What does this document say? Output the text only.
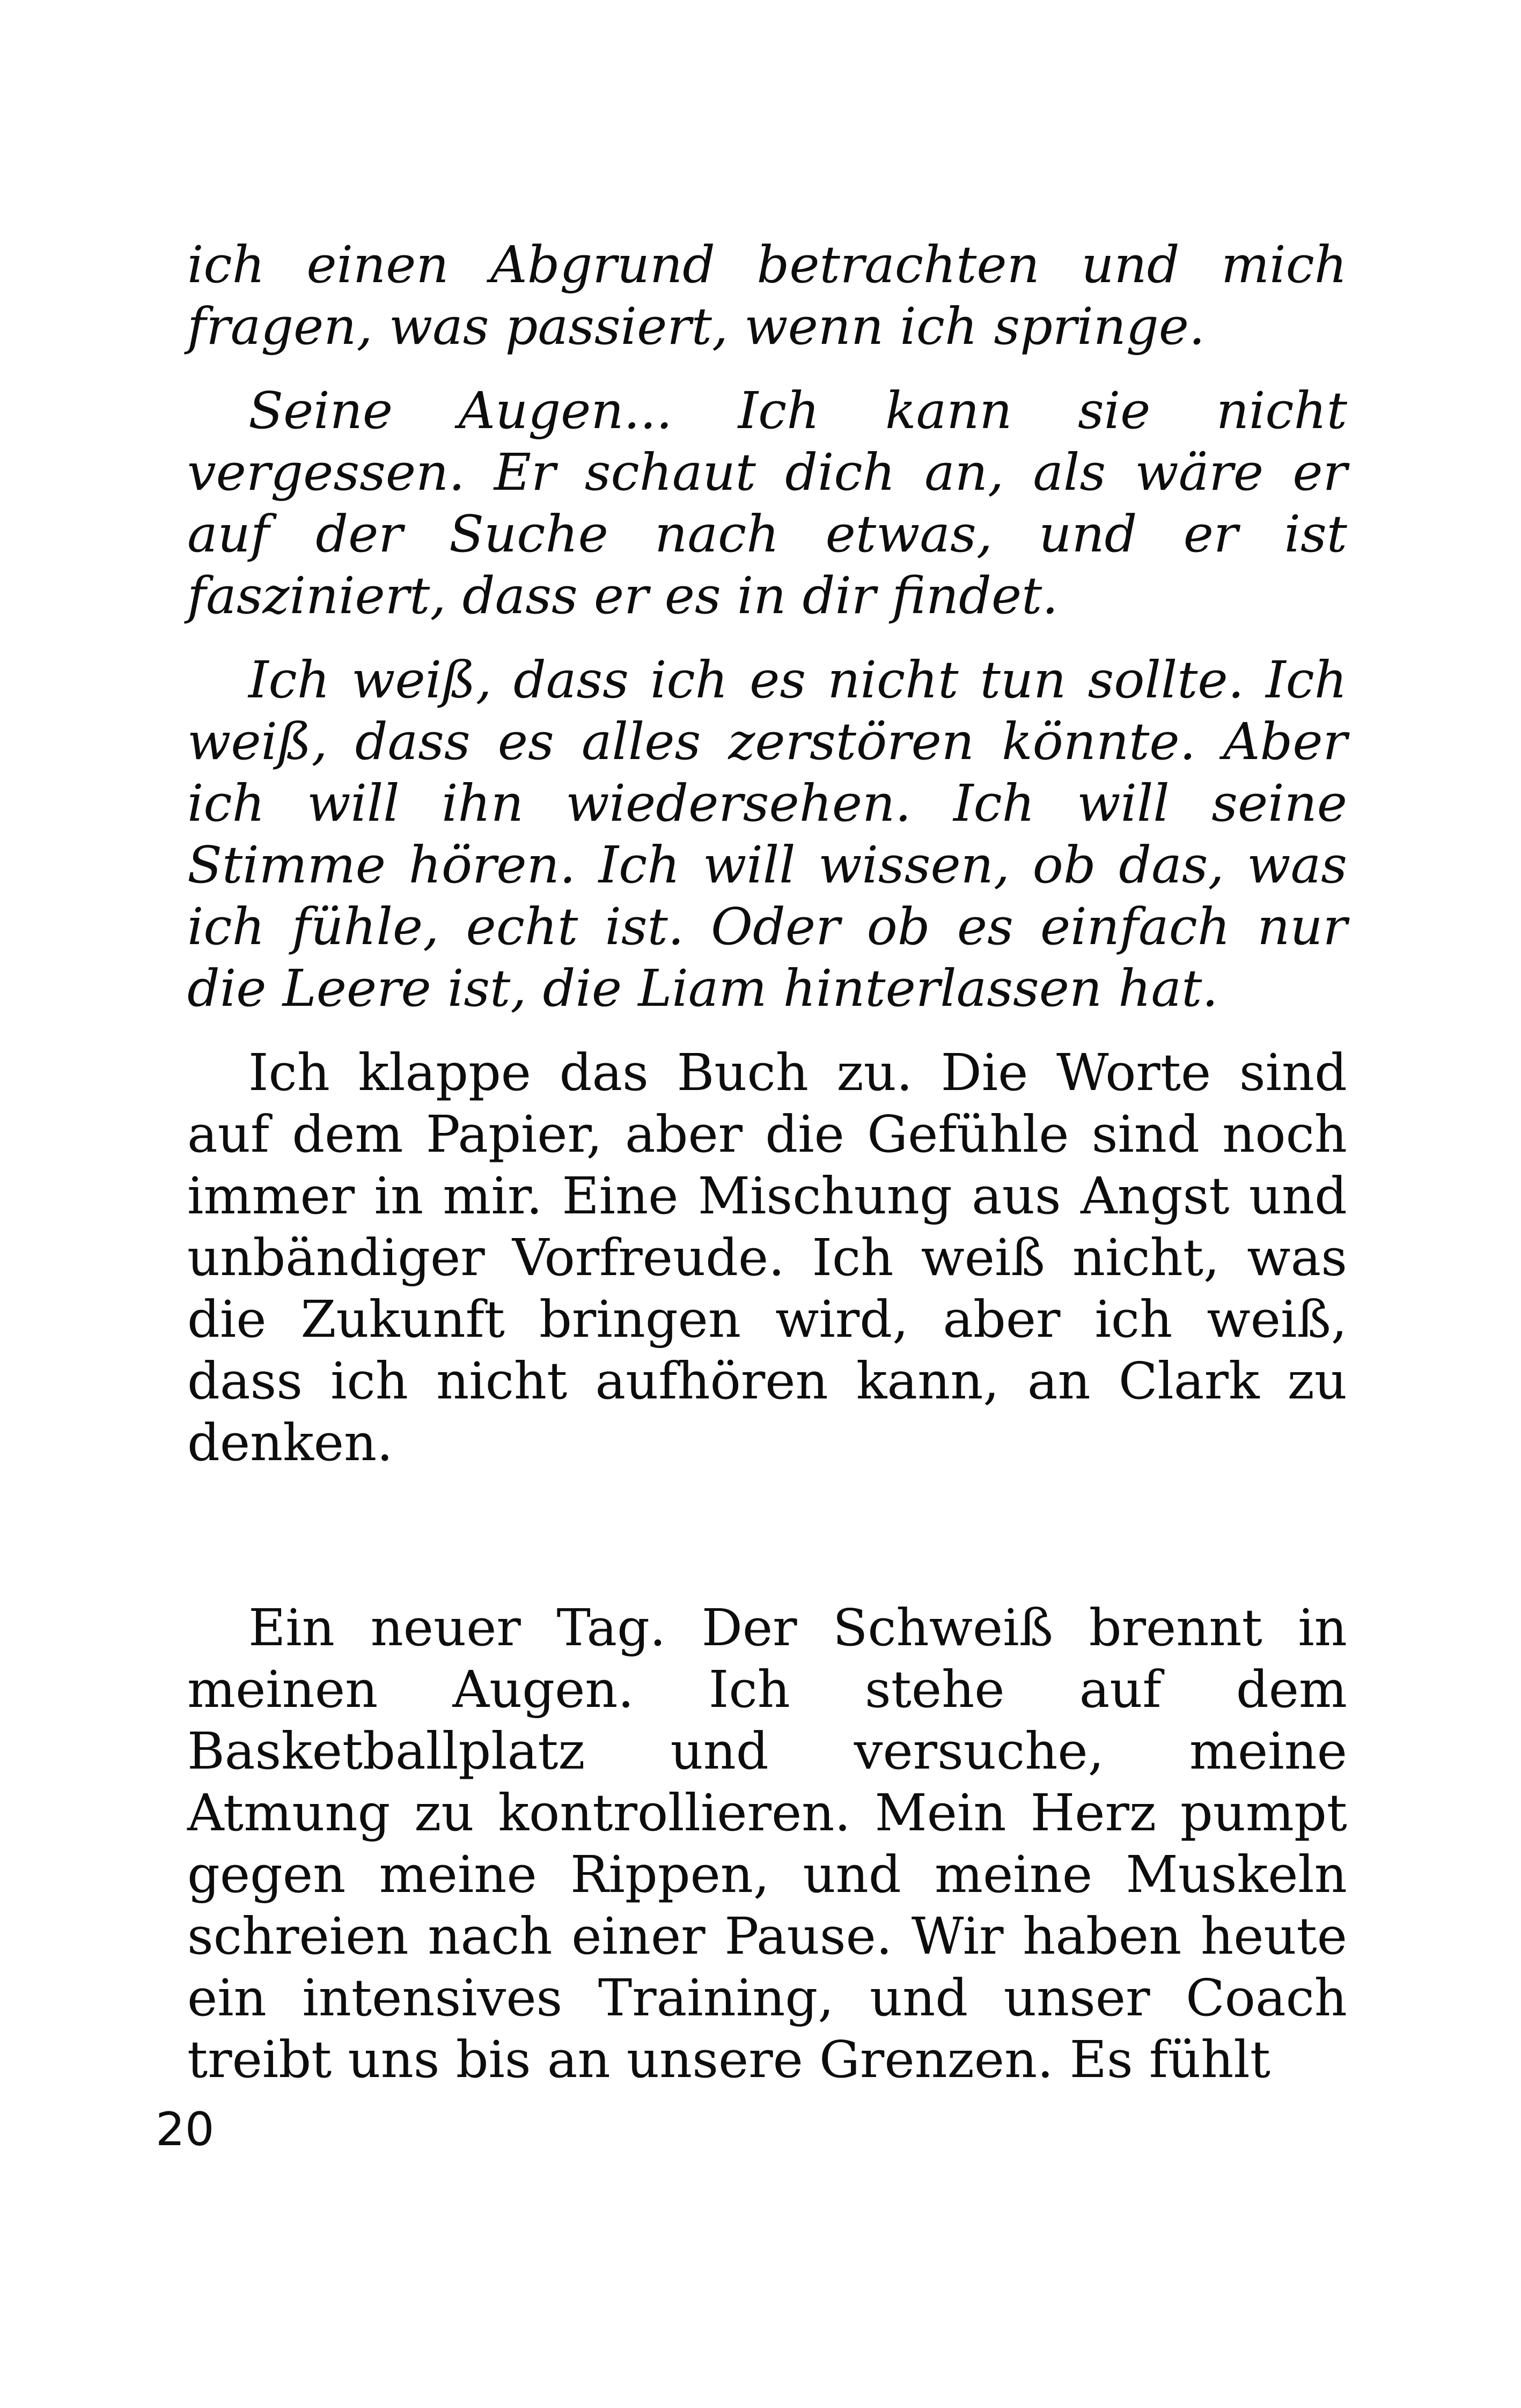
ich einen Abgrund betrachten und mich fragen, was passiert, wenn ich springe.

Seine Augen... Ich kann sie nicht vergessen. Er schaut dich an, als wäre er auf der Suche nach etwas, und er ist fasziniert, dass er es in dir findet.

Ich weiß, dass ich es nicht tun sollte. Ich weiß, dass es alles zerstören könnte. Aber ich will ihn wiedersehen. Ich will seine Stimme hören. Ich will wissen, ob das, was ich fühle, echt ist. Oder ob es einfach nur die Leere ist, die Liam hinterlassen hat.

Ich klappe das Buch zu. Die Worte sind auf dem Papier, aber die Gefühle sind noch immer in mir. Eine Mischung aus Angst und unbändiger Vorfreude. Ich weiß nicht, was die Zukunft bringen wird, aber ich weiß, dass ich nicht aufhören kann, an Clark zu denken.

Ein neuer Tag. Der Schweiß brennt in meinen Augen. Ich stehe auf dem Basketballplatz und versuche, meine Atmung zu kontrollieren. Mein Herz pumpt gegen meine Rippen, und meine Muskeln schreien nach einer Pause. Wir haben heute ein intensives Training, und unser Coach treibt uns bis an unsere Grenzen. Es fühlt

20
